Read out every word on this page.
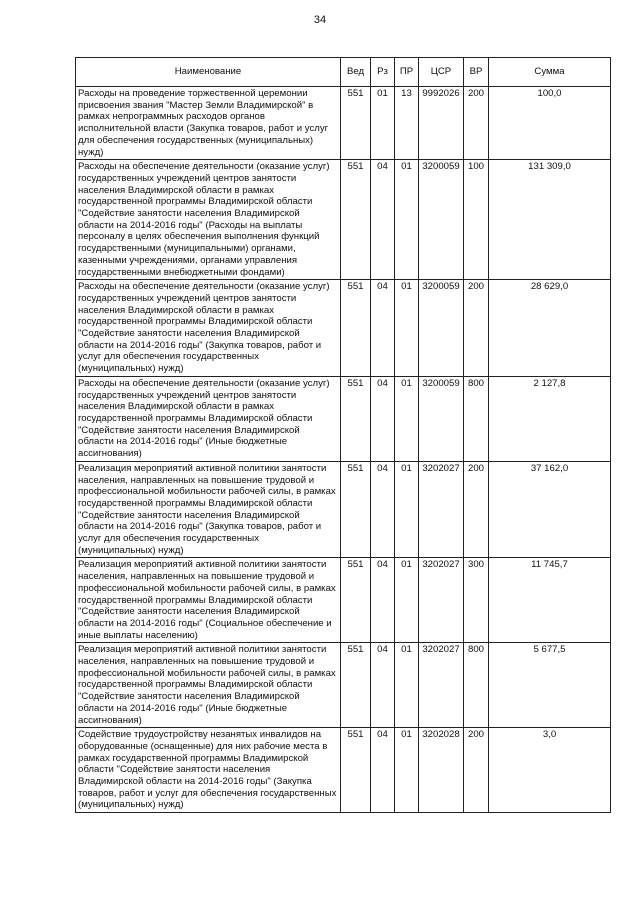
34
Наименование	Вед	Рз	ПР	ЦСР	ВР	Сумма
Расходы на проведение торжественной церемонии присвоения звания "Мастер Земли Владимирской" в рамках непрограммных расходов органов исполнительной власти (Закупка товаров, работ и услуг для обеспечения государственных (муниципальных) нужд)	551	01	13	9992026	200	100,0
Расходы на обеспечение деятельности (оказание услуг) государственных учреждений центров занятости населения Владимирской области в рамках государственной программы Владимирской области "Содействие занятости населения Владимирской области на 2014-2016 годы" (Расходы на выплаты персоналу в целях обеспечения выполнения функций государственными (муниципальными) органами, казенными учреждениями, органами управления государственными внебюджетными фондами)	551	04	01	3200059	100	131 309,0
Расходы на обеспечение деятельности (оказание услуг) государственных учреждений центров занятости населения Владимирской области в рамках государственной программы Владимирской области "Содействие занятости населения Владимирской области на 2014-2016 годы" (Закупка товаров, работ и услуг для обеспечения государственных (муниципальных) нужд)	551	04	01	3200059	200	28 629,0
Расходы на обеспечение деятельности (оказание услуг) государственных учреждений центров занятости населения Владимирской области в рамках государственной программы Владимирской области "Содействие занятости населения Владимирской области на 2014-2016 годы" (Иные бюджетные ассигнования)	551	04	01	3200059	800	2 127,8
Реализация мероприятий активной политики занятости населения, направленных на повышение трудовой и профессиональной мобильности рабочей силы, в рамках государственной программы Владимирской области "Содействие занятости населения Владимирской области на 2014-2016 годы" (Закупка товаров, работ и услуг для обеспечения государственных (муниципальных) нужд)	551	04	01	3202027	200	37 162,0
Реализация мероприятий активной политики занятости населения, направленных на повышение трудовой и профессиональной мобильности рабочей силы, в рамках государственной программы Владимирской области "Содействие занятости населения Владимирской области на 2014-2016 годы" (Социальное обеспечение и иные выплаты населению)	551	04	01	3202027	300	11 745,7
Реализация мероприятий активной политики занятости населения, направленных на повышение трудовой и профессиональной мобильности рабочей силы, в рамках государственной программы Владимирской области "Содействие занятости населения Владимирской области на 2014-2016 годы" (Иные бюджетные ассигнования)	551	04	01	3202027	800	5 677,5
Содействие трудоустройству незанятых инвалидов на оборудованные (оснащенные) для них рабочие места в рамках государственной программы Владимирской области "Содействие занятости населения Владимирской области на 2014-2016 годы" (Закупка товаров, работ и услуг для обеспечения государственных (муниципальных) нужд)	551	04	01	3202028	200	3,0
